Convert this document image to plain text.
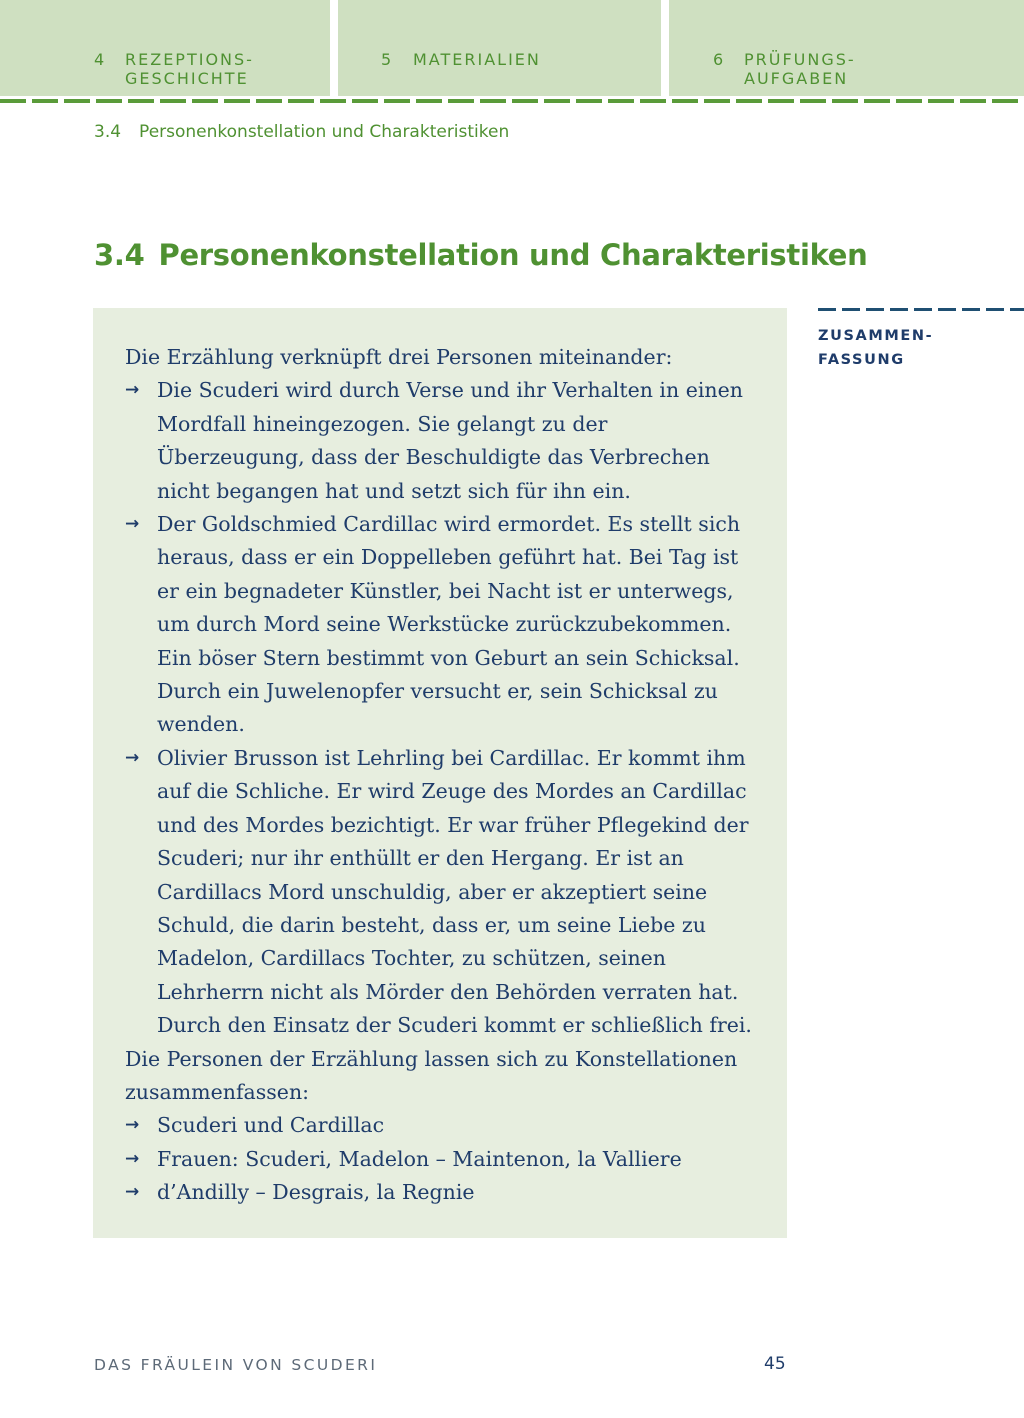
4 REZEPTIONS-
GESCHICHTE
5 MATERIALIEN	6 PRÜFUNGS-
AUFGABEN
3.4 Personenkonstellation und Charakteristiken
3.4 Personenkonstellation und Charakteristiken
ZUSAMMEN-
FASSUNG

Die Erzählung verknüpft drei Personen miteinander:

→ Die Scuderi wird durch Verse und ihr Verhalten in einen Mordfall hineingezogen. Sie gelangt zu der Überzeugung, dass der Beschuldigte das Verbrechen nicht begangen hat und setzt sich für ihn ein.
→ Der Goldschmied Cardillac wird ermordet. Es stellt sich heraus, dass er ein Doppelleben geführt hat. Bei Tag ist er ein begnadeter Künstler, bei Nacht ist er unterwegs, um durch Mord seine Werkstücke zurückzubekommen. Ein böser Stern bestimmt von Geburt an sein Schicksal. Durch ein Juwelenopfer versucht er, sein Schicksal zu wenden.
→ Olivier Brusson ist Lehrling bei Cardillac. Er kommt ihm auf die Schliche. Er wird Zeuge des Mordes an Cardillac und des Mordes bezichtigt. Er war früher Pflegekind der Scuderi; nur ihr enthüllt er den Hergang. Er ist an Cardillacs Mord unschuldig, aber er akzeptiert seine Schuld, die darin besteht, dass er, um seine Liebe zu Madelon, Cardillacs Tochter, zu schützen, seinen Lehrherrn nicht als Mörder den Behörden verraten hat. Durch den Einsatz der Scuderi kommt er schließlich frei.

Die Personen der Erzählung lassen sich zu Konstellationen zusammenfassen:

→ Scuderi und Cardillac
→ Frauen: Scuderi, Madelon – Maintenon, la Valliere
→ d’Andilly – Desgrais, la Regnie
DAS FRÄULEIN VON SCUDERI	45
